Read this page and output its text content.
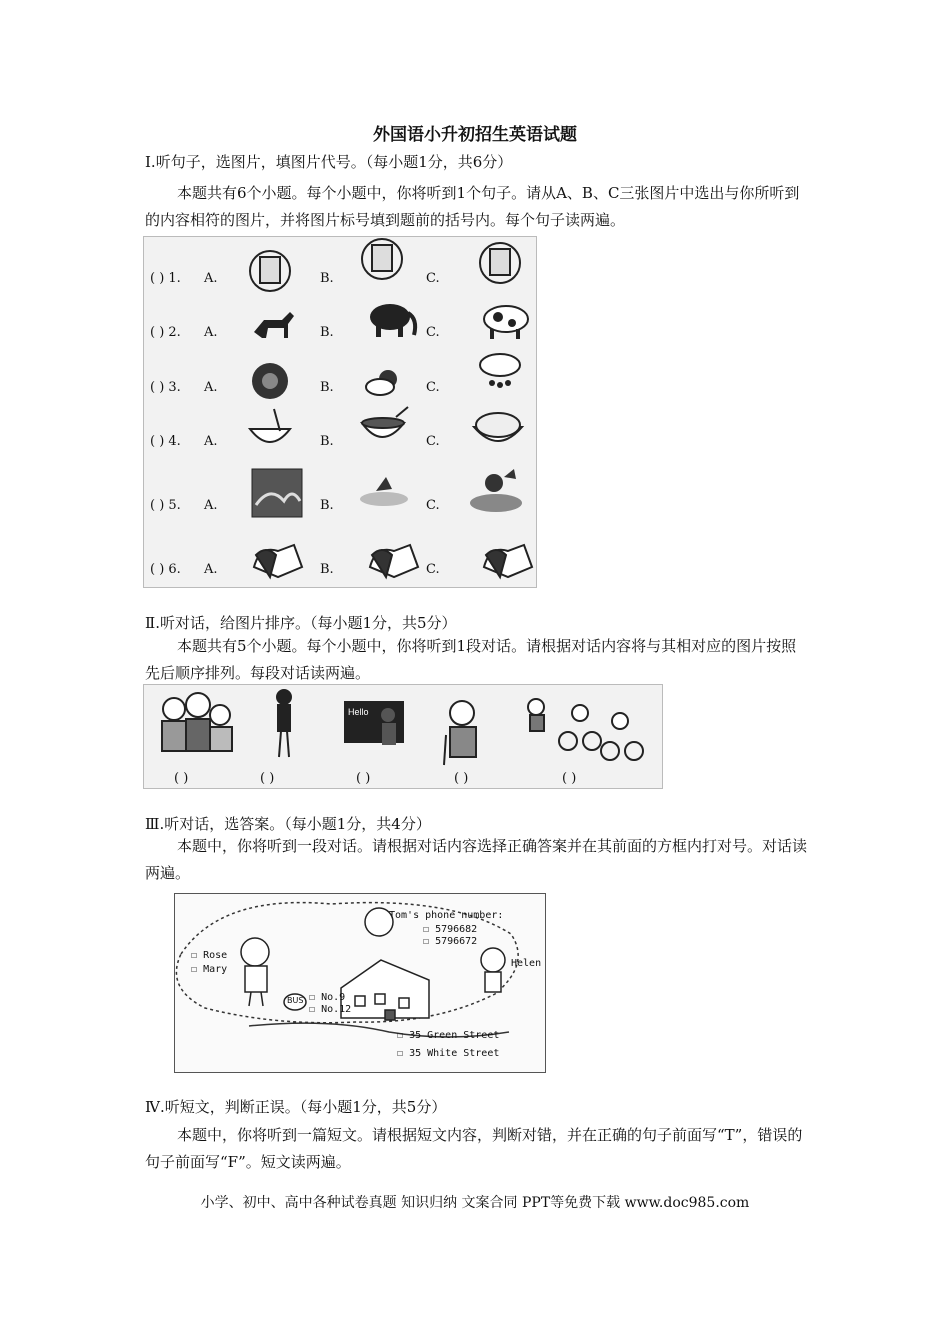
外国语小升初招生英语试题
Ⅰ.听句子，选图片，填图片代号。（每小题1分，共6分）
本题共有6个小题。每个小题中，你将听到1个句子。请从A、B、C三张图片中选出与你所听到的内容相符的图片，并将图片标号填到题前的括号内。每个句子读两遍。
( ) 1. A.	B.	C.
( ) 2. A.	B.	C.
( ) 3. A.	B.	C.
( ) 4. A.	B.	C.
( ) 5. A.	B.	C.
( ) 6. A.	B.	C.
Ⅱ.听对话，给图片排序。（每小题1分，共5分）
本题共有5个小题。每个小题中，你将听到1段对话。请根据对话内容将与其相对应的图片按照先后顺序排列。每段对话读两遍。
Hello
( )	( )	( )	( )	( )
Ⅲ.听对话，选答案。（每小题1分，共4分）
本题中，你将听到一段对话。请根据对话内容选择正确答案并在其前面的方框内打对号。对话读两遍。
Tom's phone number:
☐ 5796682
☐ 5796672
☐ Rose
☐ Mary
Helen
BUS ☐ No.9
☐ No.12
☐ 35 Green Street
☐ 35 White Street
Ⅳ.听短文，判断正误。（每小题1分，共5分）
本题中，你将听到一篇短文。请根据短文内容，判断对错，并在正确的句子前面写“T”，错误的句子前面写“F”。短文读两遍。
小学、初中、高中各种试卷真题 知识归纳 文案合同 PPT等免费下载 www.doc985.com
